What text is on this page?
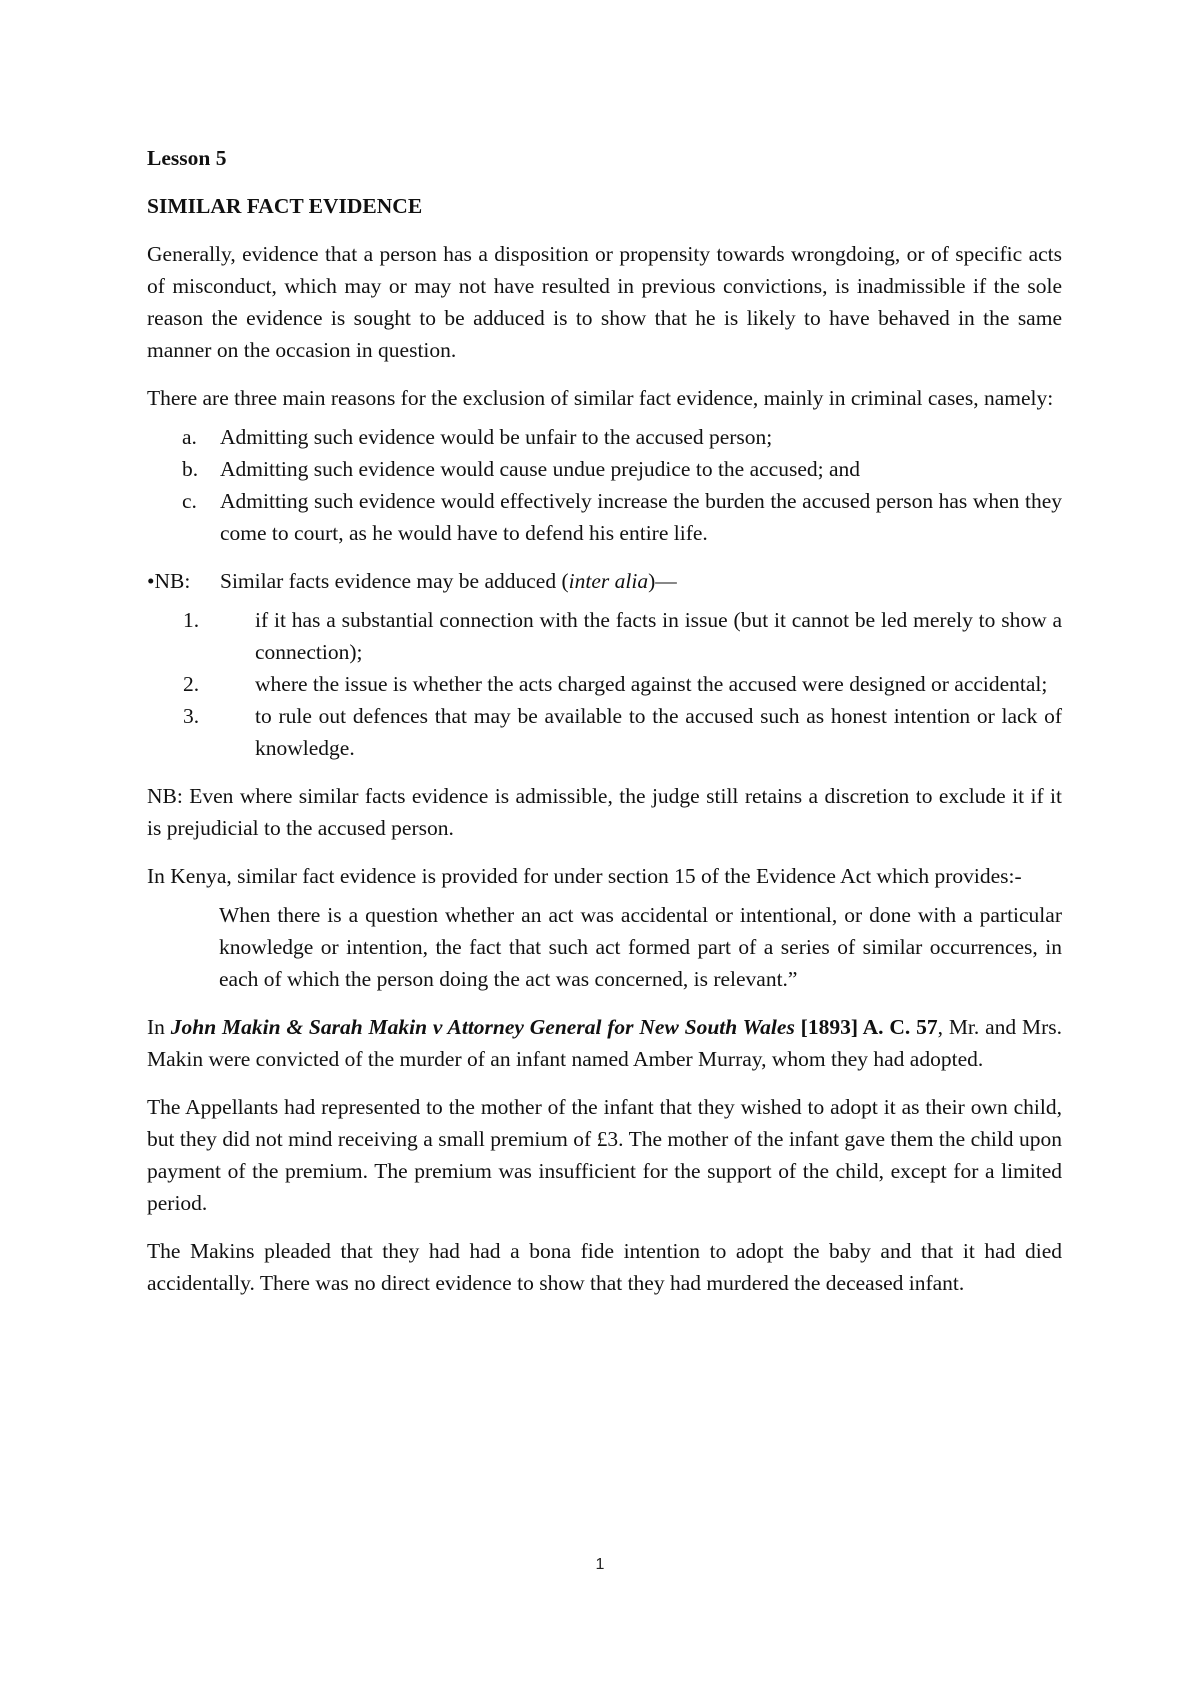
Lesson 5
SIMILAR FACT EVIDENCE

Generally, evidence that a person has a disposition or propensity towards wrongdoing, or of specific acts of misconduct, which may or may not have resulted in previous convictions, is inadmissible if the sole reason the evidence is sought to be adduced is to show that he is likely to have behaved in the same manner on the occasion in question.

There are three main reasons for the exclusion of similar fact evidence, mainly in criminal cases, namely:

a. Admitting such evidence would be unfair to the accused person;
b. Admitting such evidence would cause undue prejudice to the accused; and
c. Admitting such evidence would effectively increase the burden the accused person has when they come to court, as he would have to defend his entire life.
•NB: Similar facts evidence may be adduced (inter alia)—
1.	if it has a substantial connection with the facts in issue (but it cannot be led merely to show a connection);
2.	where the issue is whether the acts charged against the accused were designed or accidental;
3.	to rule out defences that may be available to the accused such as honest intention or lack of knowledge.

NB: Even where similar facts evidence is admissible, the judge still retains a discretion to exclude it if it is prejudicial to the accused person.

In Kenya, similar fact evidence is provided for under section 15 of the Evidence Act which provides:-

When there is a question whether an act was accidental or intentional, or done with a particular knowledge or intention, the fact that such act formed part of a series of similar occurrences, in each of which the person doing the act was concerned, is relevant.”

In John Makin & Sarah Makin v Attorney General for New South Wales [1893] A. C. 57, Mr. and Mrs. Makin were convicted of the murder of an infant named Amber Murray, whom they had adopted.

The Appellants had represented to the mother of the infant that they wished to adopt it as their own child, but they did not mind receiving a small premium of £3. The mother of the infant gave them the child upon payment of the premium. The premium was insufficient for the support of the child, except for a limited period.

The Makins pleaded that they had had a bona fide intention to adopt the baby and that it had died accidentally. There was no direct evidence to show that they had murdered the deceased infant.

1
